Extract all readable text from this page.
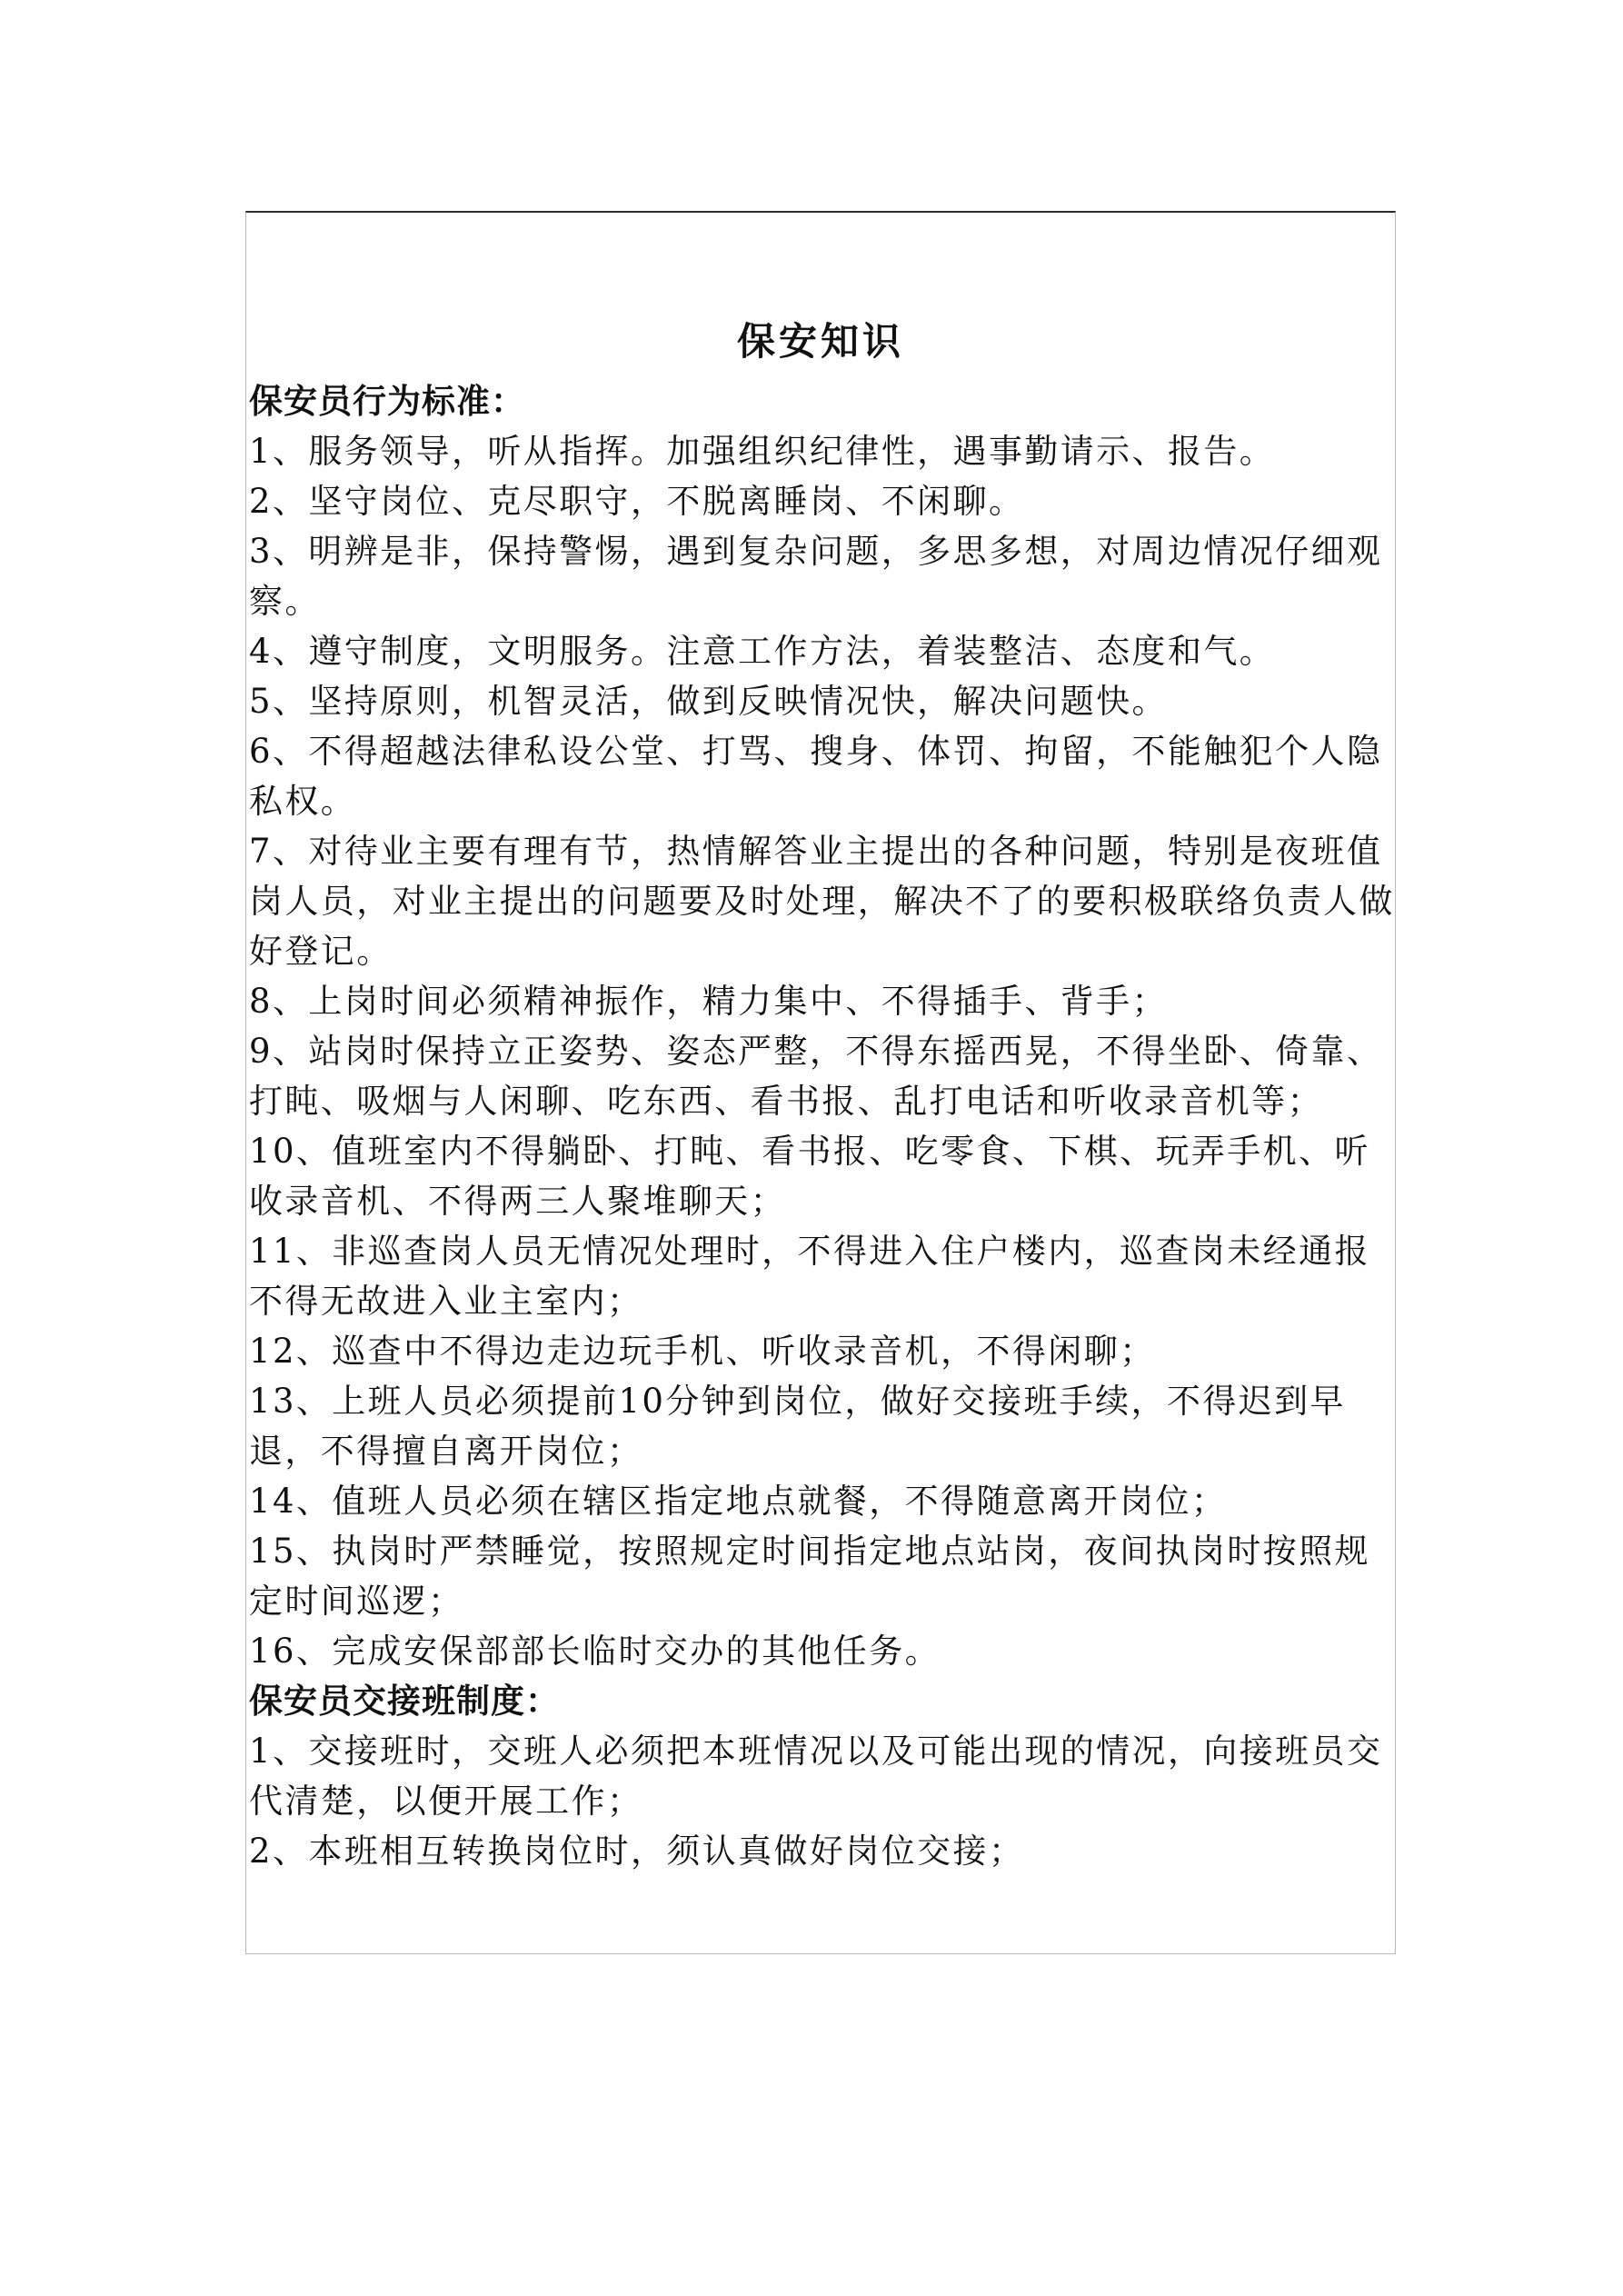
保安知识

保安员行为标准：

1、服务领导，听从指挥。加强组织纪律性，遇事勤请示、报告。

2、坚守岗位、克尽职守，不脱离睡岗、不闲聊。

3、明辨是非，保持警惕，遇到复杂问题，多思多想，对周边情况仔细观察。

4、遵守制度，文明服务。注意工作方法，着装整洁、态度和气。

5、坚持原则，机智灵活，做到反映情况快，解决问题快。

6、不得超越法律私设公堂、打骂、搜身、体罚、拘留，不能触犯个人隐私权。

7、对待业主要有理有节，热情解答业主提出的各种问题，特别是夜班值岗人员，对业主提出的问题要及时处理，解决不了的要积极联络负责人做好登记。

8、上岗时间必须精神振作，精力集中、不得插手、背手；

9、站岗时保持立正姿势、姿态严整，不得东摇西晃，不得坐卧、倚靠、打盹、吸烟与人闲聊、吃东西、看书报、乱打电话和听收录音机等；

10、值班室内不得躺卧、打盹、看书报、吃零食、下棋、玩弄手机、听收录音机、不得两三人聚堆聊天；

11、非巡查岗人员无情况处理时，不得进入住户楼内，巡查岗未经通报不得无故进入业主室内；

12、巡查中不得边走边玩手机、听收录音机，不得闲聊；

13、上班人员必须提前10分钟到岗位，做好交接班手续，不得迟到早退，不得擅自离开岗位；

14、值班人员必须在辖区指定地点就餐，不得随意离开岗位；

15、执岗时严禁睡觉，按照规定时间指定地点站岗，夜间执岗时按照规定时间巡逻；

16、完成安保部部长临时交办的其他任务。

保安员交接班制度：

1、交接班时，交班人必须把本班情况以及可能出现的情况，向接班员交代清楚，以便开展工作；

2、本班相互转换岗位时，须认真做好岗位交接；
